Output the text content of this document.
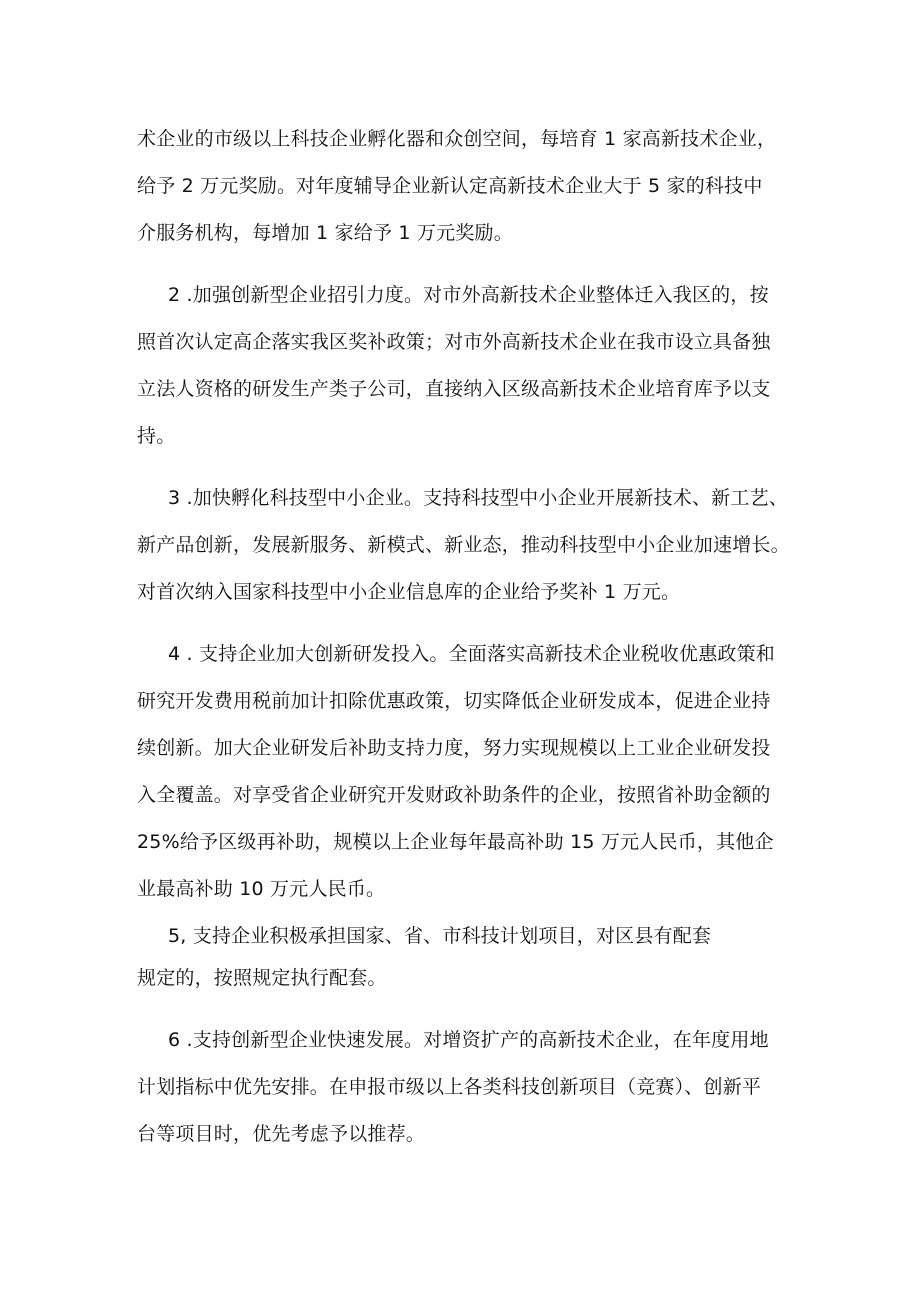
术企业的市级以上科技企业孵化器和众创空间，每培育 1 家高新技术企业，
给予 2 万元奖励。对年度辅导企业新认定高新技术企业大于 5 家的科技中
介服务机构，每增加 1 家给予 1 万元奖励。
2 .加强创新型企业招引力度。对市外高新技术企业整体迁入我区的，按
照首次认定高企落实我区奖补政策；对市外高新技术企业在我市设立具备独
立法人资格的研发生产类子公司，直接纳入区级高新技术企业培育库予以支
持。
3 .加快孵化科技型中小企业。支持科技型中小企业开展新技术、新工艺、
新产品创新，发展新服务、新模式、新业态，推动科技型中小企业加速增长。
对首次纳入国家科技型中小企业信息库的企业给予奖补 1 万元。
4 . 支持企业加大创新研发投入。全面落实高新技术企业税收优惠政策和
研究开发费用税前加计扣除优惠政策，切实降低企业研发成本，促进企业持
续创新。加大企业研发后补助支持力度，努力实现规模以上工业企业研发投
入全覆盖。对享受省企业研究开发财政补助条件的企业，按照省补助金额的
25%给予区级再补助，规模以上企业每年最高补助 15 万元人民币，其他企
业最高补助 10 万元人民币。
5, 支持企业积极承担国家、省、市科技计划项目，对区县有配套
规定的，按照规定执行配套。
6 .支持创新型企业快速发展。对增资扩产的高新技术企业，在年度用地
计划指标中优先安排。在申报市级以上各类科技创新项目（竞赛）、创新平
台等项目时，优先考虑予以推荐。
